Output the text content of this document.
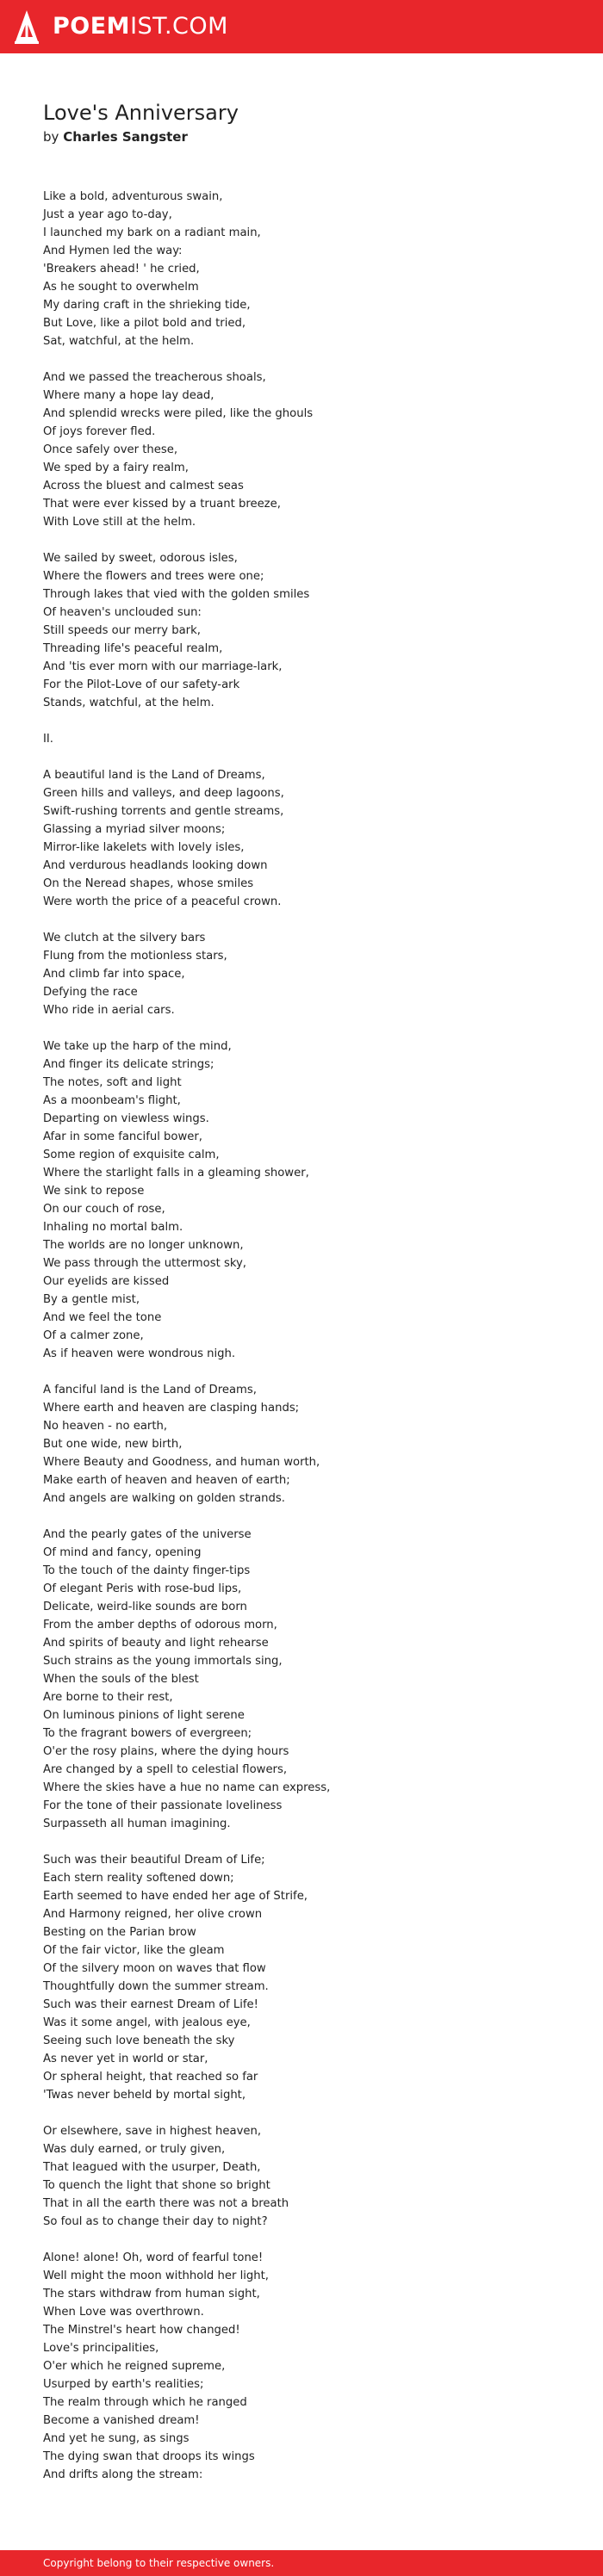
POEMIST.COM
Love's Anniversary
by Charles Sangster
Like a bold, adventurous swain,
Just a year ago to-day,
I launched my bark on a radiant main,
And Hymen led the way:
'Breakers ahead! ' he cried,
As he sought to overwhelm
My daring craft in the shrieking tide,
But Love, like a pilot bold and tried,
Sat, watchful, at the helm.
And we passed the treacherous shoals,
Where many a hope lay dead,
And splendid wrecks were piled, like the ghouls
Of joys forever fled.
Once safely over these,
We sped by a fairy realm,
Across the bluest and calmest seas
That were ever kissed by a truant breeze,
With Love still at the helm.
We sailed by sweet, odorous isles,
Where the flowers and trees were one;
Through lakes that vied with the golden smiles
Of heaven's unclouded sun:
Still speeds our merry bark,
Threading life's peaceful realm,
And 'tis ever morn with our marriage-lark,
For the Pilot-Love of our safety-ark
Stands, watchful, at the helm.
II.
A beautiful land is the Land of Dreams,
Green hills and valleys, and deep lagoons,
Swift-rushing torrents and gentle streams,
Glassing a myriad silver moons;
Mirror-like lakelets with lovely isles,
And verdurous headlands looking down
On the Neread shapes, whose smiles
Were worth the price of a peaceful crown.
We clutch at the silvery bars
Flung from the motionless stars,
And climb far into space,
Defying the race
Who ride in aerial cars.
We take up the harp of the mind,
And finger its delicate strings;
The notes, soft and light
As a moonbeam's flight,
Departing on viewless wings.
Afar in some fanciful bower,
Some region of exquisite calm,
Where the starlight falls in a gleaming shower,
We sink to repose
On our couch of rose,
Inhaling no mortal balm.
The worlds are no longer unknown,
We pass through the uttermost sky,
Our eyelids are kissed
By a gentle mist,
And we feel the tone
Of a calmer zone,
As if heaven were wondrous nigh.
A fanciful land is the Land of Dreams,
Where earth and heaven are clasping hands;
No heaven - no earth,
But one wide, new birth,
Where Beauty and Goodness, and human worth,
Make earth of heaven and heaven of earth;
And angels are walking on golden strands.
And the pearly gates of the universe
Of mind and fancy, opening
To the touch of the dainty finger-tips
Of elegant Peris with rose-bud lips,
Delicate, weird-like sounds are born
From the amber depths of odorous morn,
And spirits of beauty and light rehearse
Such strains as the young immortals sing,
When the souls of the blest
Are borne to their rest,
On luminous pinions of light serene
To the fragrant bowers of evergreen;
O'er the rosy plains, where the dying hours
Are changed by a spell to celestial flowers,
Where the skies have a hue no name can express,
For the tone of their passionate loveliness
Surpasseth all human imagining.
Such was their beautiful Dream of Life;
Each stern reality softened down;
Earth seemed to have ended her age of Strife,
And Harmony reigned, her olive crown
Besting on the Parian brow
Of the fair victor, like the gleam
Of the silvery moon on waves that flow
Thoughtfully down the summer stream.
Such was their earnest Dream of Life!
Was it some angel, with jealous eye,
Seeing such love beneath the sky
As never yet in world or star,
Or spheral height, that reached so far
'Twas never beheld by mortal sight,
Or elsewhere, save in highest heaven,
Was duly earned, or truly given,
That leagued with the usurper, Death,
To quench the light that shone so bright
That in all the earth there was not a breath
So foul as to change their day to night?
Alone! alone! Oh, word of fearful tone!
Well might the moon withhold her light,
The stars withdraw from human sight,
When Love was overthrown.
The Minstrel's heart how changed!
Love's principalities,
O'er which he reigned supreme,
Usurped by earth's realities;
The realm through which he ranged
Become a vanished dream!
And yet he sung, as sings
The dying swan that droops its wings
And drifts along the stream:
Copyright belong to their respective owners.
